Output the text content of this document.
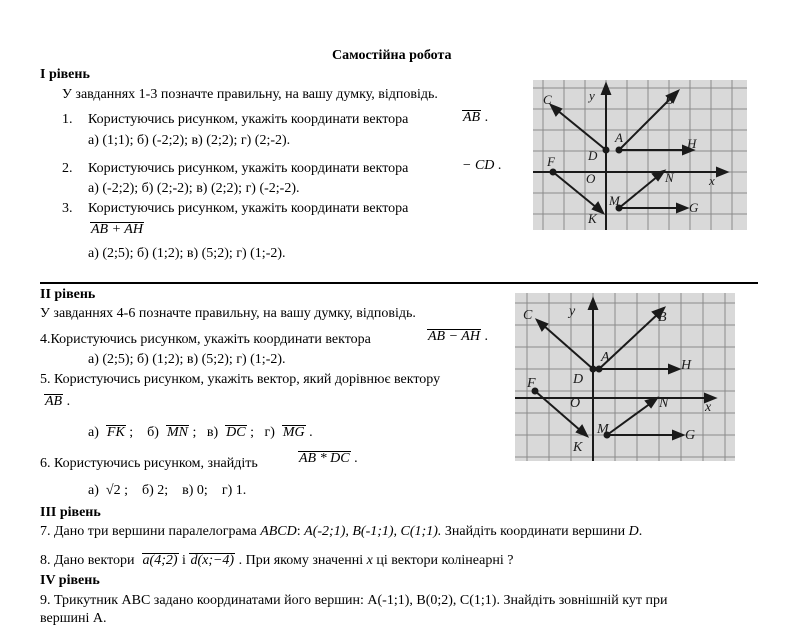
Самостійна робота
І рівень
У завданнях 1-3 позначте правильну, на вашу думку, відповідь.
1. Користуючись рисунком, укажіть координати вектора	AB .
а) (1;1); б) (-2;2); в) (2;2); г) (2;-2).
2. Користуючись рисунком, укажіть координати вектора	− CD .
а) (-2;2); б) (2;-2); в) (2;2); г) (-2;-2).
3. Користуючись рисунком, укажіть координати вектора
AB + AH
а) (2;5); б) (1;2); в) (5;2); г) (1;-2).
C	y	B
A	H
F	D
N	x
O
M	G
K
ІІ рівень
У завданнях 4-6 позначте правильну, на вашу думку, відповідь.
4.Користуючись рисунком, укажіть координати вектора	AB − AH .
а) (2;5); б) (1;2); в) (5;2); г) (1;-2).
5. Користуючись рисунком, укажіть вектор, який дорівнює вектору
AB .
а) FK ;    б) MN ;   в) DC ;   г) MG .
6. Користуючись рисунком, знайдіть	AB * DC .
а) √2 ;    б) 2; в) 0; г) 1.
C	y	B
A
H
F	D
N	x
O
M	G
K
ІІІ рівень
7. Дано три вершини паралелограма ABCD: A(-2;1), B(-1;1), C(1;1). Знайдіть координати вершини D.
8. Дано вектори a(4;2) і d(x;−4) . При якому значенні x ці вектори колінеарні ?
IV рівень
9. Трикутник ABC задано координатами його вершин: A(-1;1), B(0;2), C(1;1). Знайдіть зовнішній кут при
вершині A.
